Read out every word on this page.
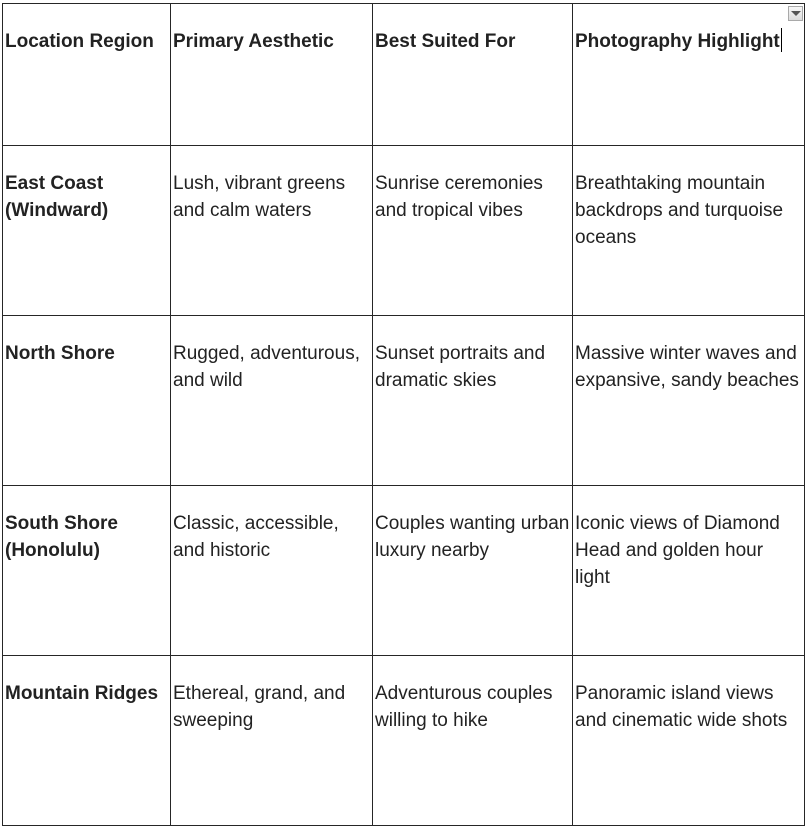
Location Region	Primary Aesthetic	Best Suited For	Photography Highlight
East Coast (Windward)	Lush, vibrant greens and calm waters	Sunrise ceremonies and tropical vibes	Breathtaking mountain backdrops and turquoise oceans
North Shore	Rugged, adventurous, and wild	Sunset portraits and dramatic skies	Massive winter waves and expansive, sandy beaches
South Shore (Honolulu)	Classic, accessible, and historic	Couples wanting urban luxury nearby	Iconic views of Diamond Head and golden hour light
Mountain Ridges	Ethereal, grand, and sweeping	Adventurous couples willing to hike	Panoramic island views and cinematic wide shots
